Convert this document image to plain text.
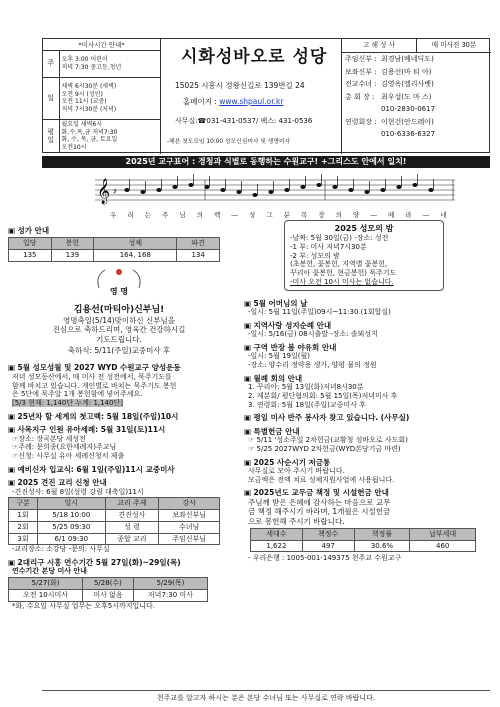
*미사시간 안내*
주	오후 3:00 어린이
저녁 7:30 중고등.청년

일	새벽 6시30분 (새벽)
오전 9시 (성인)
오전 11시 (교중)
저녁 7시30분 (저녁)

평일	월요일 새벽6시
화,수,목,금 저녁7:30
화, 수, 목, 금, 토요일
오전10시
시화성바오로 성당
15025 시흥시 정왕신길로 139번길 24
홈페이지 : www.shpaul.or.kr
사무실:☎031-431-0537/ 팩스: 431-0536
-헤븐 첫도모임 10:00 성모신심미사 및 생명미사
고 해 성 사	매 미사전 30분
주임신부 : 최경남(베네딕도)
보좌신부 : 김용선(마 티 아)
전교수녀 : 김영옥(엘리사벳)
총 회 장 : 최우섭(도 마 스)
010-2830-0617
연령회장 : 이현건(안드레아)
010-6336-6327
2025년 교구표어 : 경청과 식별로 동행하는 수원교구! +그리스도 안에서 일치!
𝄞 ♯
우 리 는 주 님 의 백 ― 성 그 분 목 장 의 양 ― 떼 라 ― 네
▣ 성가 안내
입당	봉헌	성체	파견
135	139	164, 168	134
영 명
김용선(마티아)신부님!
영명축일(5/14)맞이하신 신부님을
진심으로 축하드리며, 영육간 건강하시길
기도드립니다.
축하식: 5/11(주일)교중미사 후
▣ 5월 성모성월 및 2027 WYD 수원교구 양성운동
저녁 성모동산에서, 매 미사 전 성전에서, 묵주기도를
함께 바치고 있습니다. 개인별로 바치는 묵주기도 봉헌
은 5단에 묵주알 1개 봉헌함에 넣어주세요.
[5/3 현재: 1,140단 누계: 1,140단]
▣ 25년차 할 세계의 첫고백: 5월 18일(주일)10시
▣ 사목지구 인원 유아세례: 5월 31일(토)11시
☞장소: 장곡본당 세성전
☞주례: 문희종(요한세례자)주교님
☞신청: 사무실 유아 세례신청서 제출
▣ 예비신자 입교식: 6월 1일(주일)11시 교중미사
▣ 2025 견진 교리 신청 안내
-견진성사: 6월 8일(성령 강림 대축일)11시
구분	일시	교리 주제	강사
1회	5/18 10:00	견진성사	보좌신부님
2회	5/25 09:30	성 령	수녀님
3회	6/1 09:30	종합 교리	주임신부님
-교리장소: 소강당 -문의: 사무실
▣ 2대리구 시흥 연수기간 5월 27일(화)~29일(목)
연수기간 본당 미사 안내
5/27(화)	5/28(수)	5/29(목)
오전 10시미사	미사 없음	저녁7:30 미사
*화, 수요일 사무실 업무는 오후5시까지입니다.
2025 성모의 밤
-날짜: 5월 30일(금) -장소: 성전
-1 부: 미사 저녁7시30분
-2 부: 성모의 밤
(초봉헌, 꽃봉헌, 지역별 꽃봉헌,
꾸리아 꽃봉헌, 현금봉헌) 묵주기도
-미사 오전 10시 미사는 없습니다.
▣ 5월 어머님의 날
-일시: 5월 11일(주일)09시~11:30 (1회합실)
▣ 지역사랑 성지순례 안내
-일시: 5/16(금) 08시출발 -장소: 솔뫼성지
▣ 구역 반장 봄 야유회 안내
-일시: 5월 19일(월)
-장소: 양수리 정약용 생가, 양평 물의 정원
▣ 월례 회의 안내
1. 꾸리아: 5월 13일(화)저녁8시30분
2. 제분회/ 평단협의회: 5월 15일(목)저녁미사 후
3. 연령회: 5월 18일(주일)교중미사 후
▣ 평일 미사 반주 봉사자 찾고 있습니다. (사무실)
▣ 특별헌금 안내
☞ 5/11 '성소주일 2차헌금(교황청 성바오로 사도회)
☞ 5/25 2027WYD 2차헌금(WYD본당기금 마련)
▣ 2025 사순시기 저금통
사무실로 모아 주시기 바랍니다.
모금액은 전액 치료 성체지원사업에 사용됩니다.
▣ 2025년도 교무금 책정 및 시설헌금 안내
주님께 받은 은혜에 감사하는 마음으로 교무
금 책정 해주시기 바라며, 1개월은 시설헌금
으로 봉헌해 주시기 바랍니다.
세대수	책정수	책정률	납부세대
1,622	497	30.6%	460
- 우리은행 : 1005-001-149375 천주교 수원교구
천주교를 알고자 하시는 분은 본당 수녀님 또는 사무실로 연락 바랍니다.
